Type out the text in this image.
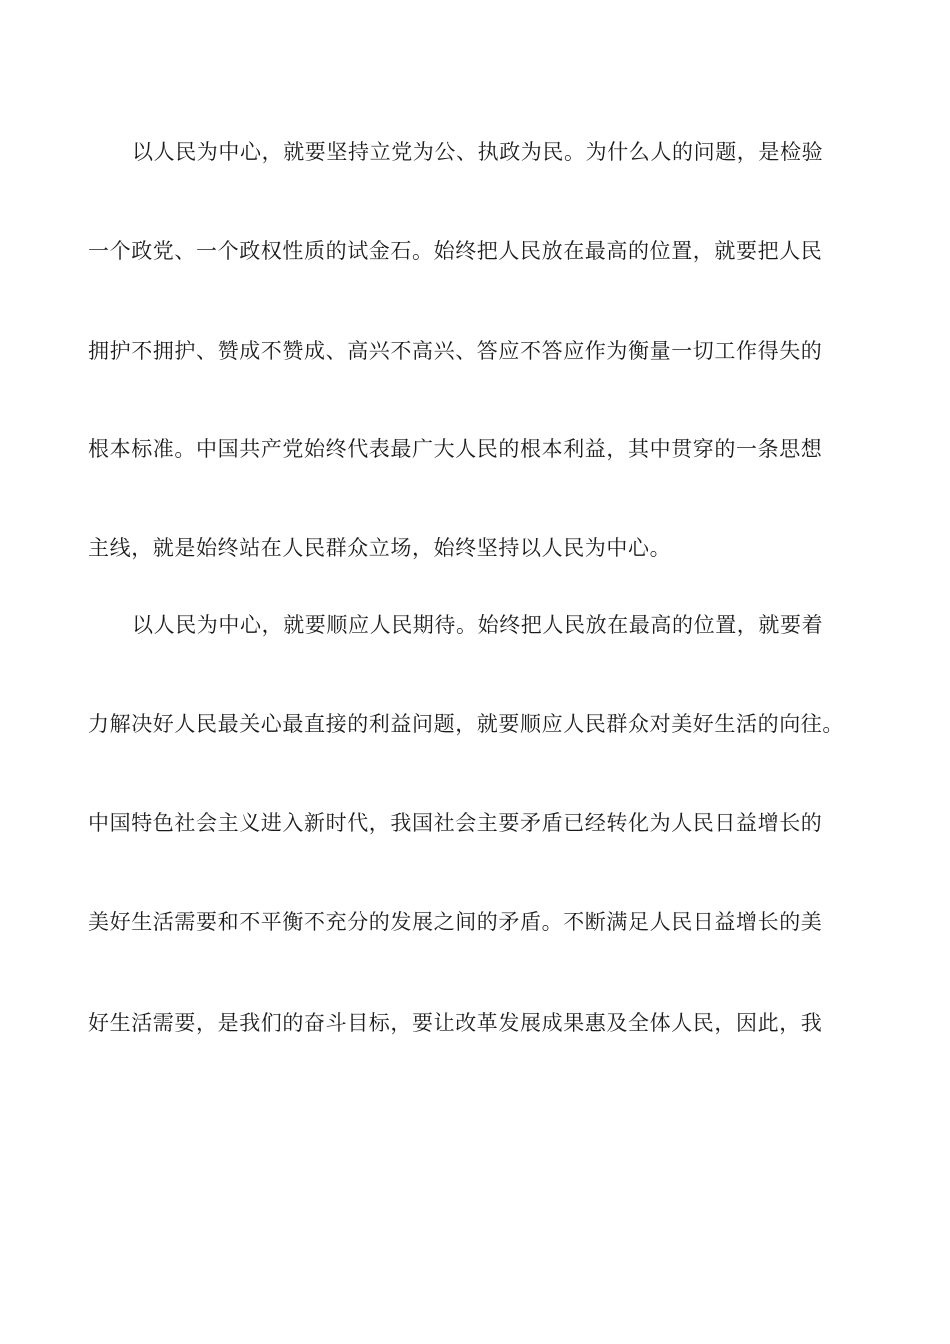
以人民为中心，就要坚持立党为公、执政为民。为什么人的问题，是检验

一个政党、一个政权性质的试金石。始终把人民放在最高的位置，就要把人民

拥护不拥护、赞成不赞成、高兴不高兴、答应不答应作为衡量一切工作得失的

根本标准。中国共产党始终代表最广大人民的根本利益，其中贯穿的一条思想

主线，就是始终站在人民群众立场，始终坚持以人民为中心。

以人民为中心，就要顺应人民期待。始终把人民放在最高的位置，就要着

力解决好人民最关心最直接的利益问题，就要顺应人民群众对美好生活的向往。

中国特色社会主义进入新时代，我国社会主要矛盾已经转化为人民日益增长的

美好生活需要和不平衡不充分的发展之间的矛盾。不断满足人民日益增长的美

好生活需要，是我们的奋斗目标，要让改革发展成果惠及全体人民，因此，我
